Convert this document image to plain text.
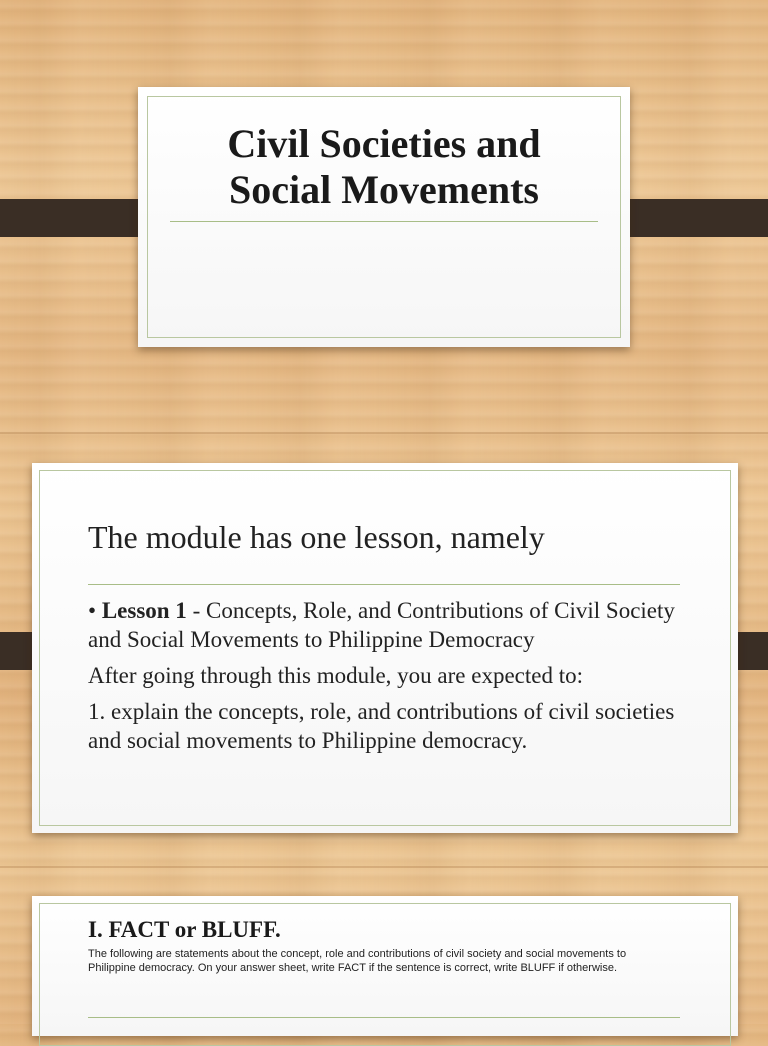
Civil Societies and
Social Movements
The module has one lesson, namely

• Lesson 1 - Concepts, Role, and Contributions of Civil Society and Social Movements to Philippine Democracy

After going through this module, you are expected to:

1. explain the concepts, role, and contributions of civil societies and social movements to Philippine democracy.

I. FACT or BLUFF.
The following are statements about the concept, role and contributions of civil society and social movements to Philippine democracy. On your answer sheet, write FACT if the sentence is correct, write BLUFF if otherwise.
